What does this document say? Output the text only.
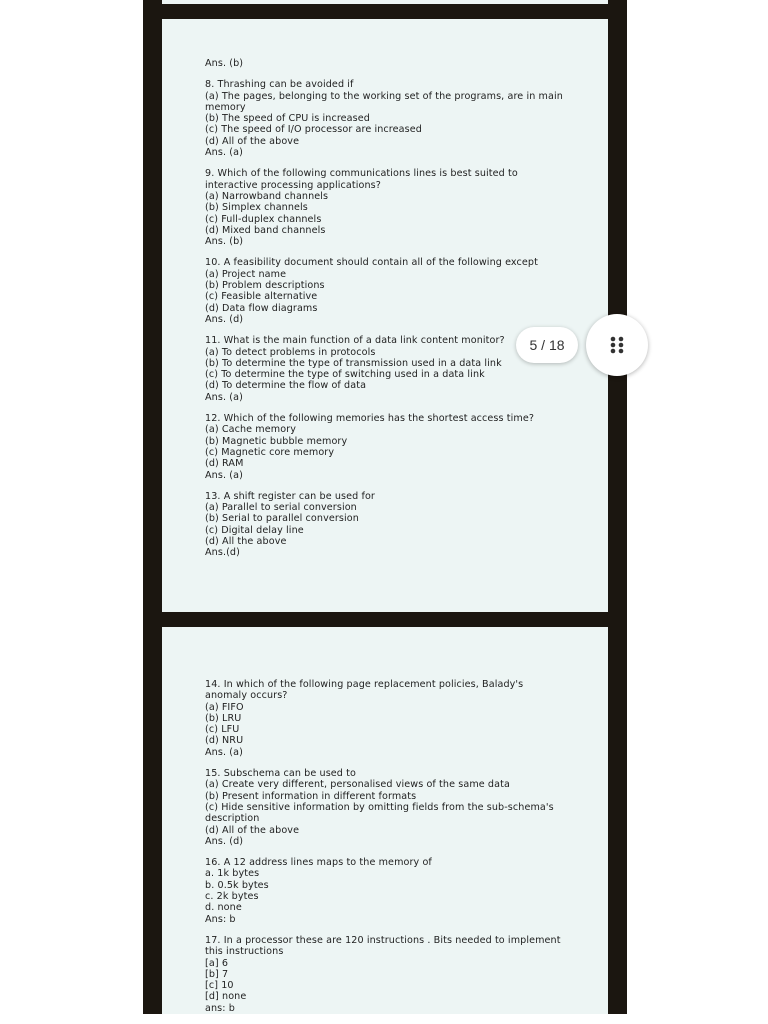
Ans. (b)
8. Thrashing can be avoided if
(a) The pages, belonging to the working set of the programs, are in main
memory
(b) The speed of CPU is increased
(c) The speed of I/O processor are increased
(d) All of the above
Ans. (a)
9. Which of the following communications lines is best suited to
interactive processing applications?
(a) Narrowband channels
(b) Simplex channels
(c) Full-duplex channels
(d) Mixed band channels
Ans. (b)
10. A feasibility document should contain all of the following except
(a) Project name
(b) Problem descriptions
(c) Feasible alternative
(d) Data flow diagrams
Ans. (d)
11. What is the main function of a data link content monitor?
(a) To detect problems in protocols
(b) To determine the type of transmission used in a data link
(c) To determine the type of switching used in a data link
(d) To determine the flow of data
Ans. (a)
12. Which of the following memories has the shortest access time?
(a) Cache memory
(b) Magnetic bubble memory
(c) Magnetic core memory
(d) RAM
Ans. (a)
13. A shift register can be used for
(a) Parallel to serial conversion
(b) Serial to parallel conversion
(c) Digital delay line
(d) All the above
Ans.(d)
14. In which of the following page replacement policies, Balady's
anomaly occurs?
(a) FIFO
(b) LRU
(c) LFU
(d) NRU
Ans. (a)
15. Subschema can be used to
(a) Create very different, personalised views of the same data
(b) Present information in different formats
(c) Hide sensitive information by omitting fields from the sub-schema's
description
(d) All of the above
Ans. (d)
16. A 12 address lines maps to the memory of
a. 1k bytes
b. 0.5k bytes
c. 2k bytes
d. none
Ans: b
17. In a processor these are 120 instructions . Bits needed to implement
this instructions
[a] 6
[b] 7
[c] 10
[d] none
ans: b
5 / 18
